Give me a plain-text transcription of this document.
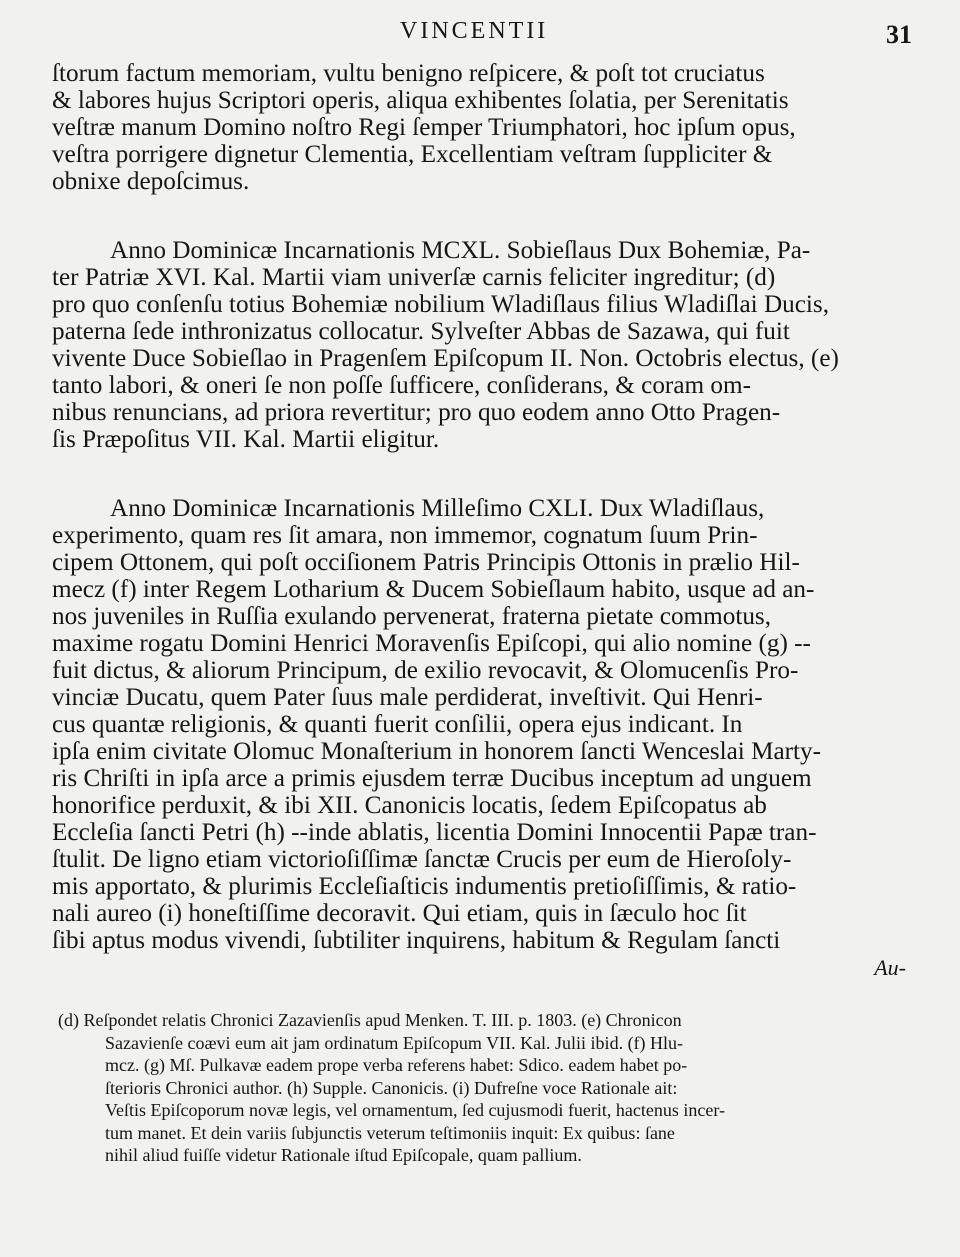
VINCENTII	31
ſtorum factum memoriam, vultu benigno reſpicere, & poſt tot cruciatus
& labores hujus Scriptori operis, aliqua exhibentes ſolatia, per Serenitatis
veſtræ manum Domino noſtro Regi ſemper Triumphatori, hoc ipſum opus,
veſtra porrigere dignetur Clementia, Excellentiam veſtram ſuppliciter &
obnixe depoſcimus.
Anno Dominicæ Incarnationis MCXL. Sobieſlaus Dux Bohemiæ, Pa-
ter Patriæ XVI. Kal. Martii viam univerſæ carnis feliciter ingreditur; (d)
pro quo conſenſu totius Bohemiæ nobilium Wladiſlaus filius Wladiſlai Ducis,
paterna ſede inthronizatus collocatur. Sylveſter Abbas de Sazawa, qui fuit
vivente Duce Sobieſlao in Pragenſem Epiſcopum II. Non. Octobris electus, (e)
tanto labori, & oneri ſe non poſſe ſufficere, conſiderans, & coram om-
nibus renuncians, ad priora revertitur; pro quo eodem anno Otto Pragen-
ſis Præpoſitus VII. Kal. Martii eligitur.
Anno Dominicæ Incarnationis Milleſimo CXLI. Dux Wladiſlaus,
experimento, quam res ſit amara, non immemor, cognatum ſuum Prin-
cipem Ottonem, qui poſt occiſionem Patris Principis Ottonis in prælio Hil-
mecz (f) inter Regem Lotharium & Ducem Sobieſlaum habito, usque ad an-
nos juveniles in Ruſſia exulando pervenerat, fraterna pietate commotus,
maxime rogatu Domini Henrici Moravenſis Epiſcopi, qui alio nomine (g) --
fuit dictus, & aliorum Principum, de exilio revocavit, & Olomucenſis Pro-
vinciæ Ducatu, quem Pater ſuus male perdiderat, inveſtivit. Qui Henri-
cus quantæ religionis, & quanti fuerit conſilii, opera ejus indicant. In
ipſa enim civitate Olomuc Monaſterium in honorem ſancti Wenceslai Marty-
ris Chriſti in ipſa arce a primis ejusdem terræ Ducibus inceptum ad unguem
honorifice perduxit, & ibi XII. Canonicis locatis, ſedem Epiſcopatus ab
Eccleſia ſancti Petri (h) --inde ablatis, licentia Domini Innocentii Papæ tran-
ſtulit. De ligno etiam victorioſiſſimæ ſanctæ Crucis per eum de Hieroſoly-
mis apportato, & plurimis Eccleſiaſticis indumentis pretioſiſſimis, & ratio-
nali aureo (i) honeſtiſſime decoravit. Qui etiam, quis in ſæculo hoc ſit
ſibi aptus modus vivendi, ſubtiliter inquirens, habitum & Regulam ſancti
Au-
(d) Reſpondet relatis Chronici Zazavienſis apud Menken. T. III. p. 1803. (e) Chronicon
Sazavienſe coævi eum ait jam ordinatum Epiſcopum VII. Kal. Julii ibid. (f) Hlu-
mcz. (g) Mſ. Pulkavæ eadem prope verba referens habet: Sdico. eadem habet po-
ſterioris Chronici author. (h) Supple. Canonicis. (i) Dufreſne voce Rationale ait:
Veſtis Epiſcoporum novæ legis, vel ornamentum, ſed cujusmodi fuerit, hactenus incer-
tum manet. Et dein variis ſubjunctis veterum teſtimoniis inquit: Ex quibus: ſane
nihil aliud fuiſſe videtur Rationale iſtud Epiſcopale, quam pallium.
